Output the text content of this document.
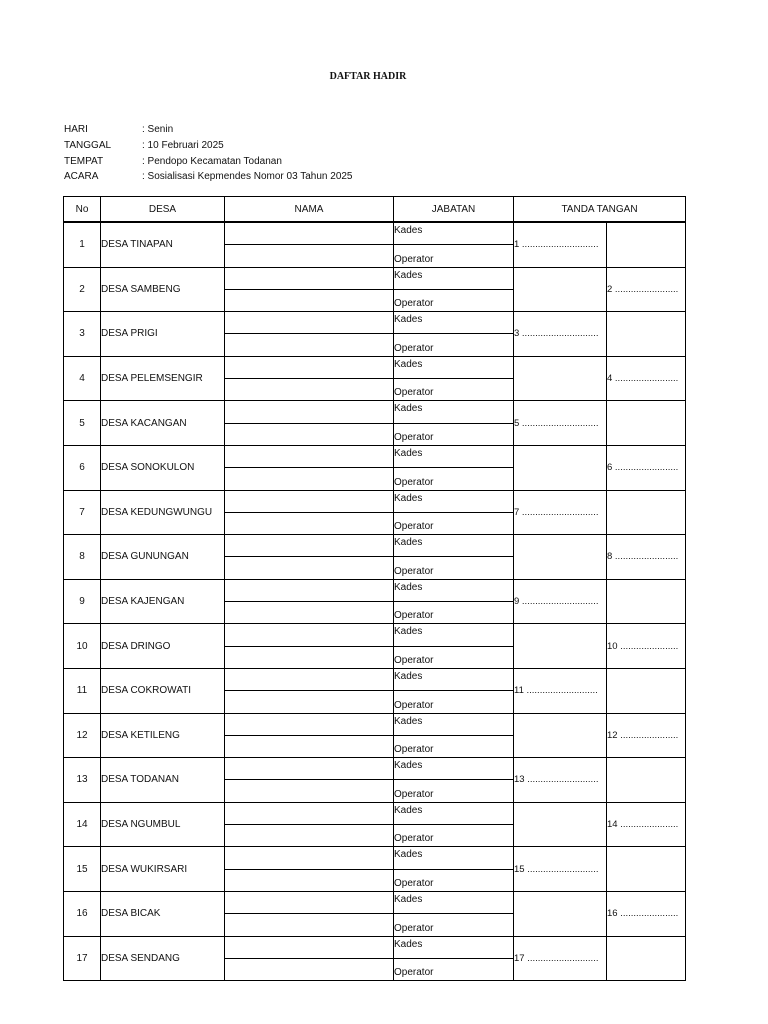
DAFTAR HADIR
HARI	: Senin
TANGGAL	: 10 Februari 2025
TEMPAT	: Pendopo Kecamatan Todanan
ACARA	: Sosialisasi Kepmendes Nomor 03 Tahun 2025
No	DESA	NAMA	JABATAN	TANDA TANGAN	
1	DESA TINAPAN		Kades	1 .............................	
			Operator		
2	DESA SAMBENG		Kades		2 ........................
			Operator		
3	DESA PRIGI		Kades	3 .............................	
			Operator		
4	DESA PELEMSENGIR		Kades		4 ........................
			Operator		
5	DESA KACANGAN		Kades	5 .............................	
			Operator		
6	DESA SONOKULON		Kades		6 ........................
			Operator		
7	DESA KEDUNGWUNGU		Kades	7 .............................	
			Operator		
8	DESA GUNUNGAN		Kades		8 ........................
			Operator		
9	DESA KAJENGAN		Kades	9 .............................	
			Operator		
10	DESA DRINGO		Kades		10 ......................
			Operator		
11	DESA COKROWATI		Kades	11 ...........................	
			Operator		
12	DESA KETILENG		Kades		12 ......................
			Operator		
13	DESA TODANAN		Kades	13 ...........................	
			Operator		
14	DESA NGUMBUL		Kades		14 ......................
			Operator		
15	DESA WUKIRSARI		Kades	15 ...........................	
			Operator		
16	DESA BICAK		Kades		16 ......................
			Operator		
17	DESA SENDANG		Kades	17 ...........................	
			Operator		
